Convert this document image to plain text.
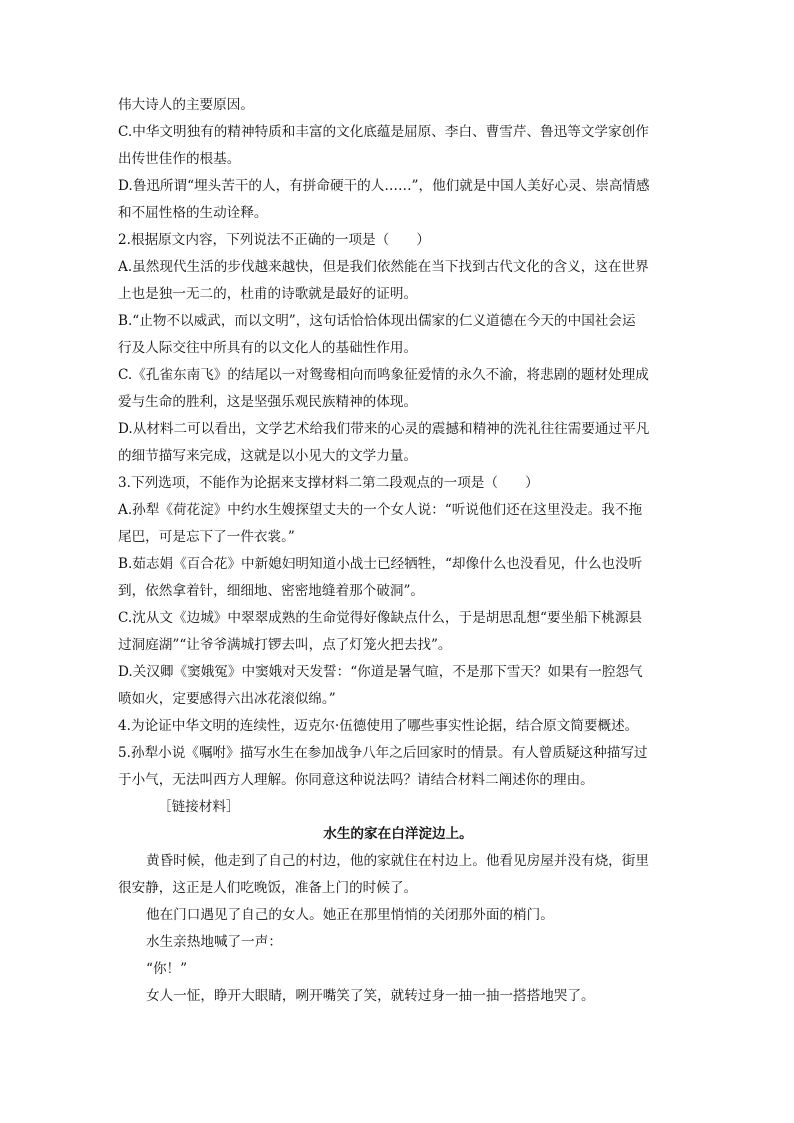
伟大诗人的主要原因。
C.中华文明独有的精神特质和丰富的文化底蕴是屈原、李白、曹雪芹、鲁迅等文学家创作
出传世佳作的根基。
D.鲁迅所谓“埋头苦干的人，有拼命硬干的人……”，他们就是中国人美好心灵、崇高情感
和不屈性格的生动诠释。
2.根据原文内容，下列说法不正确的一项是（　　）
A.虽然现代生活的步伐越来越快，但是我们依然能在当下找到古代文化的含义，这在世界
上也是独一无二的，杜甫的诗歌就是最好的证明。
B.“止物不以威武，而以文明”，这句话恰恰体现出儒家的仁义道德在今天的中国社会运
行及人际交往中所具有的以文化人的基础性作用。
C.《孔雀东南飞》的结尾以一对鸳鸯相向而鸣象征爱情的永久不渝，将悲剧的题材处理成
爱与生命的胜利，这是坚强乐观民族精神的体现。
D.从材料二可以看出，文学艺术给我们带来的心灵的震撼和精神的洗礼往往需要通过平凡
的细节描写来完成，这就是以小见大的文学力量。
3.下列选项，不能作为论据来支撑材料二第二段观点的一项是（　　）
A.孙犁《荷花淀》中约水生嫂探望丈夫的一个女人说：“听说他们还在这里没走。我不拖
尾巴，可是忘下了一件衣裳。”
B.茹志娟《百合花》中新媳妇明知道小战士已经牺牲，“却像什么也没看见，什么也没听
到，依然拿着针，细细地、密密地缝着那个破洞”。
C.沈从文《边城》中翠翠成熟的生命觉得好像缺点什么，于是胡思乱想“要坐船下桃源县
过洞庭湖”“让爷爷满城打锣去叫，点了灯笼火把去找”。
D.关汉卿《窦娥冤》中窦娥对天发誓：“你道是暑气暄，不是那下雪天？如果有一腔怨气
喷如火，定要感得六出冰花滚似绵。”
4.为论证中华文明的连续性，迈克尔·伍德使用了哪些事实性论据，结合原文简要概述。
5.孙犁小说《嘱咐》描写水生在参加战争八年之后回家时的情景。有人曾质疑这种描写过
于小气，无法叫西方人理解。你同意这种说法吗？请结合材料二阐述你的理由。
［链接材料］
水生的家在白洋淀边上。
黄昏时候，他走到了自己的村边，他的家就住在村边上。他看见房屋并没有烧，街里
很安静，这正是人们吃晚饭，准备上门的时候了。
他在门口遇见了自己的女人。她正在那里悄悄的关闭那外面的梢门。
水生亲热地喊了一声：
“你！”
女人一怔，睁开大眼睛，咧开嘴笑了笑，就转过身一抽一抽一搭搭地哭了。
